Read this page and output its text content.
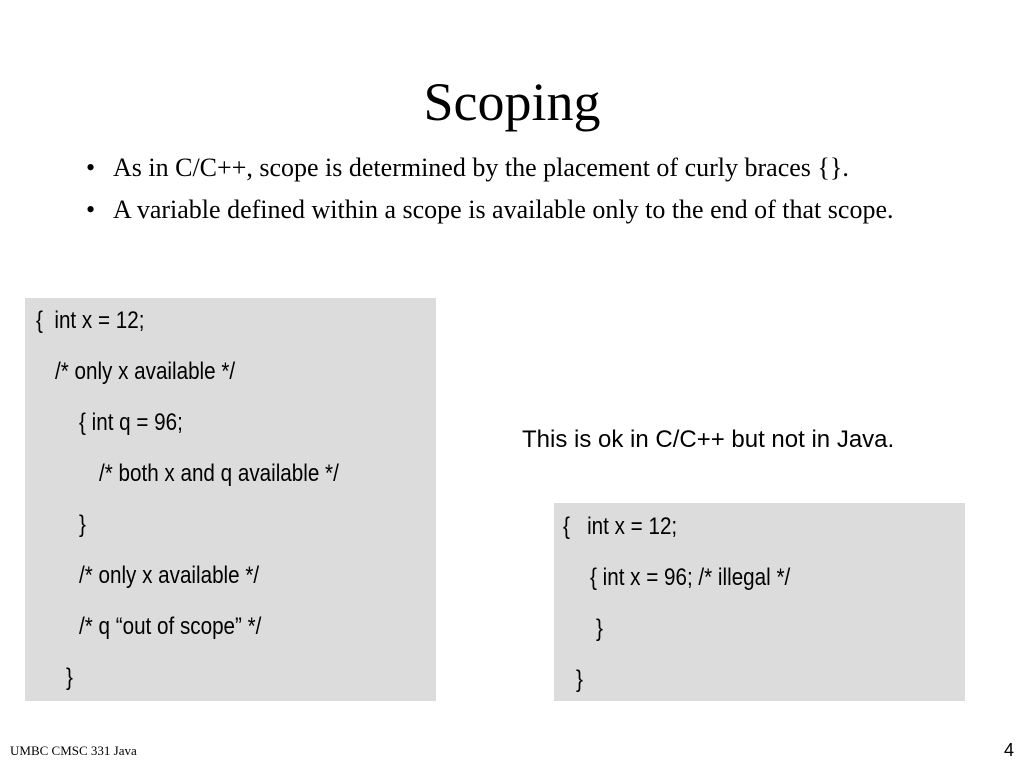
Scoping
• As in C/C++, scope is determined by the placement of curly braces {}.
• A variable defined within a scope is available only to the end of that scope.
{  int x = 12;
/* only x available */
{ int q = 96;
/* both x and q available */
}
/* only x available */
/* q “out of scope” */
}
This is ok in C/C++ but not in Java.
{   int x = 12;
{ int x = 96; /* illegal */
}
}
UMBC CMSC 331 Java	4
